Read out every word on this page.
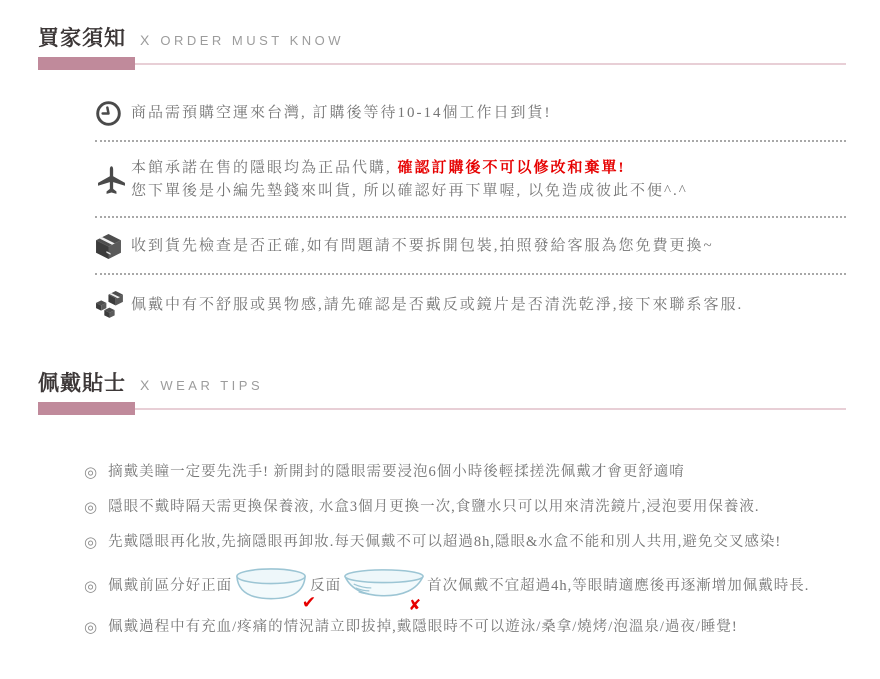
買家須知 X ORDER MUST KNOW
商品需預購空運來台灣, 訂購後等待10-14個工作日到貨!
本館承諾在售的隱眼均為正品代購, 確認訂購後不可以修改和棄單!
您下單後是小編先墊錢來叫貨, 所以確認好再下單喔, 以免造成彼此不便^.^
收到貨先檢查是否正確,如有問題請不要拆開包裝,拍照發給客服為您免費更換~
佩戴中有不舒服或異物感,請先確認是否戴反或鏡片是否清洗乾淨,接下來聯系客服.
佩戴貼士 X WEAR TIPS
◎ 摘戴美瞳一定要先洗手! 新開封的隱眼需要浸泡6個小時後輕揉搓洗佩戴才會更舒適唷
◎ 隱眼不戴時隔天需更換保養液, 水盒3個月更換一次,食鹽水只可以用來清洗鏡片,浸泡要用保養液.
◎ 先戴隱眼再化妝,先摘隱眼再卸妝.每天佩戴不可以超過8h,隱眼&水盒不能和別人共用,避免交叉感染!
◎ 佩戴前區分好正面
✔
反面
✘
首次佩戴不宜超過4h,等眼睛適應後再逐漸增加佩戴時長.
◎ 佩戴過程中有充血/疼痛的情況請立即拔掉,戴隱眼時不可以遊泳/桑拿/燒烤/泡溫泉/過夜/睡覺!
